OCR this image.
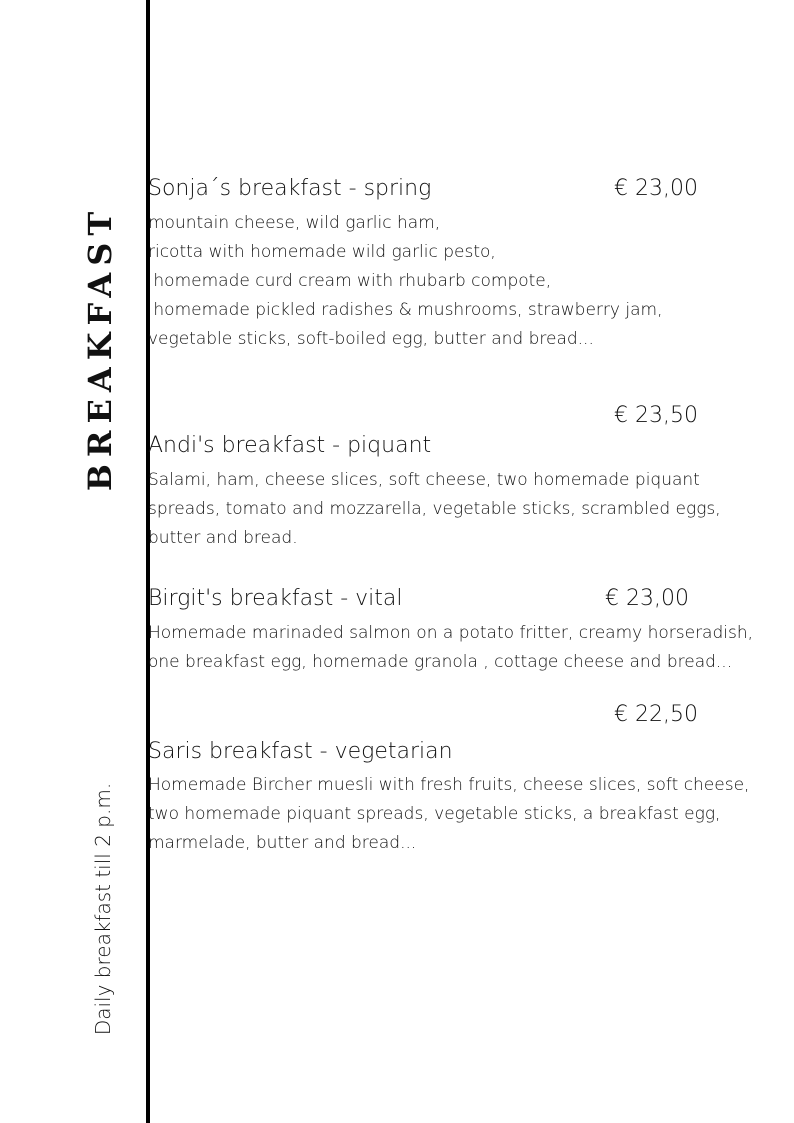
BREAKFAST
Daily breakfast till 2 p.m.
Sonja´s breakfast - spring	€ 23,00
mountain cheese, wild garlic ham,
ricotta with homemade wild garlic pesto,
homemade curd cream with rhubarb compote,
homemade pickled radishes & mushrooms, strawberry jam,
vegetable sticks, soft-boiled egg, butter and bread...
€ 23,50
Andi's breakfast - piquant
Salami, ham, cheese slices, soft cheese, two homemade piquant
spreads, tomato and mozzarella, vegetable sticks, scrambled eggs,
butter and bread.
Birgit's breakfast - vital	€ 23,00
Homemade marinaded salmon on a potato fritter, creamy horseradish,
one breakfast egg, homemade granola , cottage cheese and bread...
€ 22,50
Saris breakfast - vegetarian
Homemade Bircher muesli with fresh fruits, cheese slices, soft cheese,
two homemade piquant spreads, vegetable sticks, a breakfast egg,
marmelade, butter and bread...
